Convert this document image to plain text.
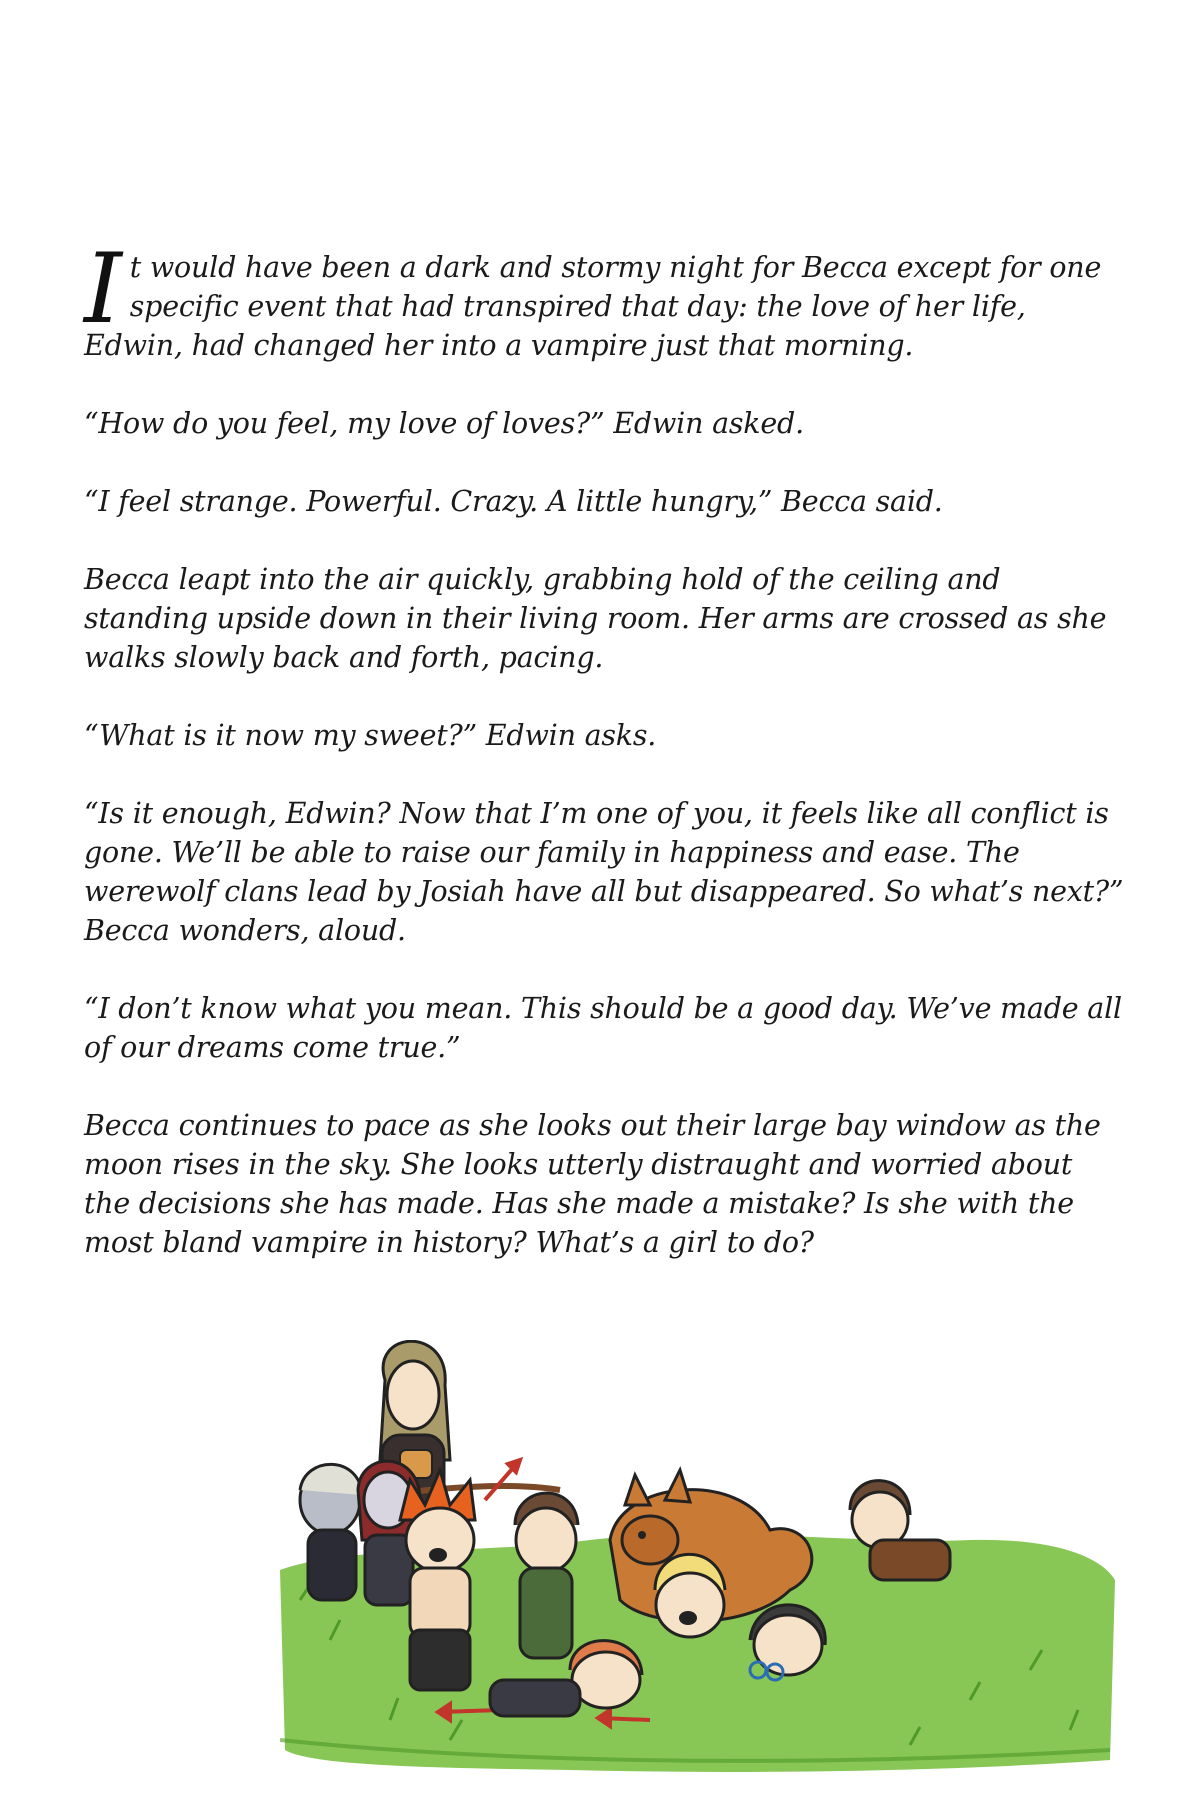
It would have been a dark and stormy night for Becca except for one specific event that had transpired that day: the love of her life, Edwin, had changed her into a vampire just that morning.

“How do you feel, my love of loves?” Edwin asked.

“I feel strange. Powerful. Crazy. A little hungry,” Becca said.

Becca leapt into the air quickly, grabbing hold of the ceiling and standing upside down in their living room. Her arms are crossed as she walks slowly back and forth, pacing.

“What is it now my sweet?” Edwin asks.

“Is it enough, Edwin? Now that I’m one of you, it feels like all conflict is gone. We’ll be able to raise our family in happiness and ease. The werewolf clans lead by Josiah have all but disappeared. So what’s next?” Becca wonders, aloud.

“I don’t know what you mean. This should be a good day. We’ve made all of our dreams come true.”

Becca continues to pace as she looks out their large bay window as the moon rises in the sky. She looks utterly distraught and worried about the decisions she has made. Has she made a mistake? Is she with the most bland vampire in history? What’s a girl to do?
